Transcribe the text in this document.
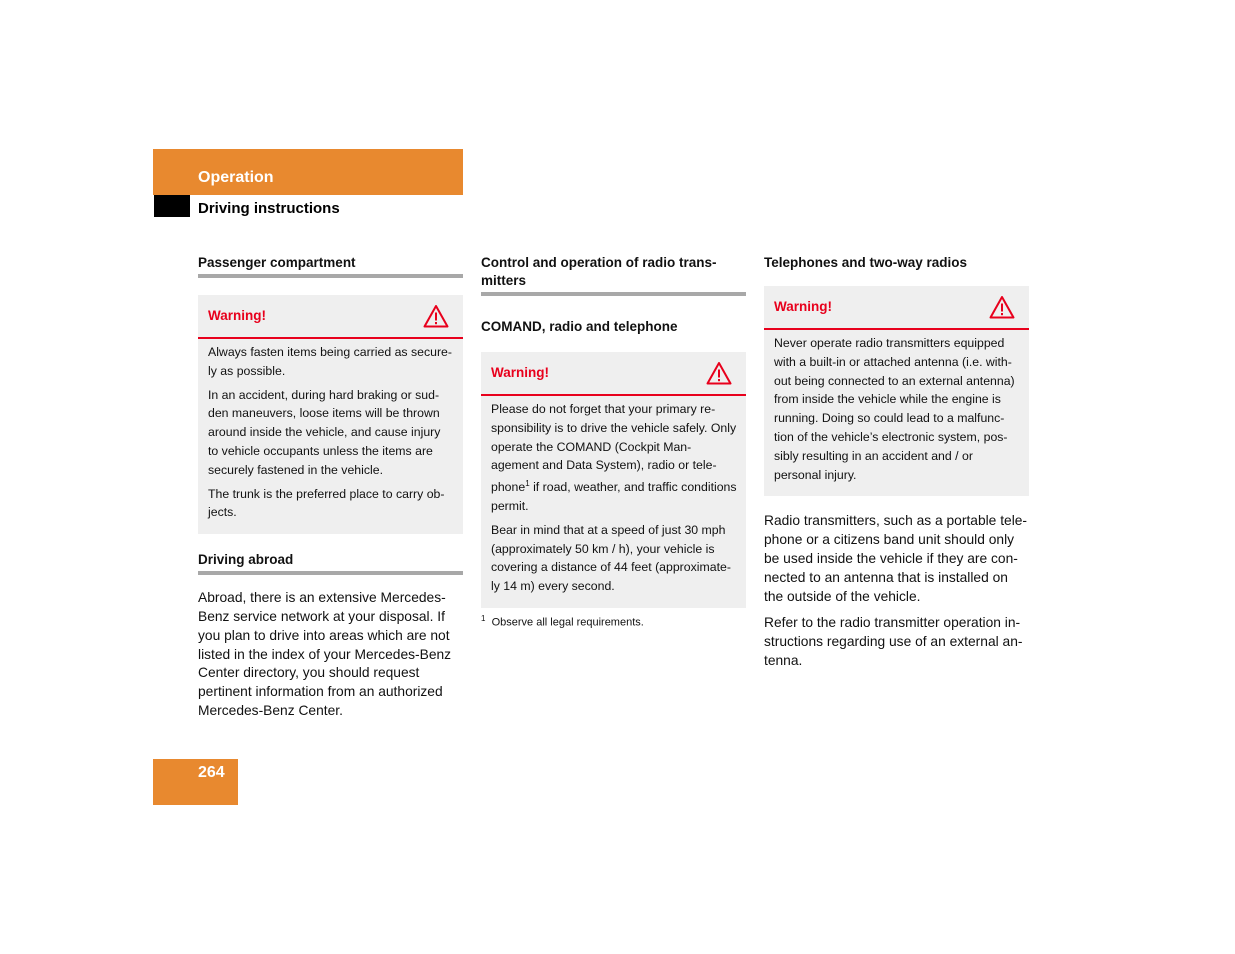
Operation
Driving instructions
Passenger compartment
Warning!

Always fasten items being carried as secure-ly as possible.

In an accident, during hard braking or sud-den maneuvers, loose items will be thrown around inside the vehicle, and cause injury to vehicle occupants unless the items are securely fastened in the vehicle.

The trunk is the preferred place to carry ob-jects.

Driving abroad

Abroad, there is an extensive Mercedes-Benz service network at your disposal. If you plan to drive into areas which are not listed in the index of your Mercedes-Benz Center directory, you should request pertinent information from an authorized Mercedes-Benz Center.

Control and operation of radio trans-mitters
COMAND, radio and telephone
Warning!

Please do not forget that your primary re-sponsibility is to drive the vehicle safely. Only operate the COMAND (Cockpit Man-agement and Data System), radio or tele-phone$^1$ if road, weather, and traffic conditions permit.

Bear in mind that at a speed of just 30 mph (approximately 50 km / h), your vehicle is covering a distance of 44 feet (approximate-ly 14 m) every second.

$^1$ Observe all legal requirements.
Telephones and two-way radios
Warning!

Never operate radio transmitters equipped with a built-in or attached antenna (i.e. with-out being connected to an external antenna) from inside the vehicle while the engine is running. Doing so could lead to a malfunc-tion of the vehicle’s electronic system, pos-sibly resulting in an accident and / or personal injury.

Radio transmitters, such as a portable tele-phone or a citizens band unit should only be used inside the vehicle if they are con-nected to an antenna that is installed on the outside of the vehicle.

Refer to the radio transmitter operation in-structions regarding use of an external an-tenna.

264
